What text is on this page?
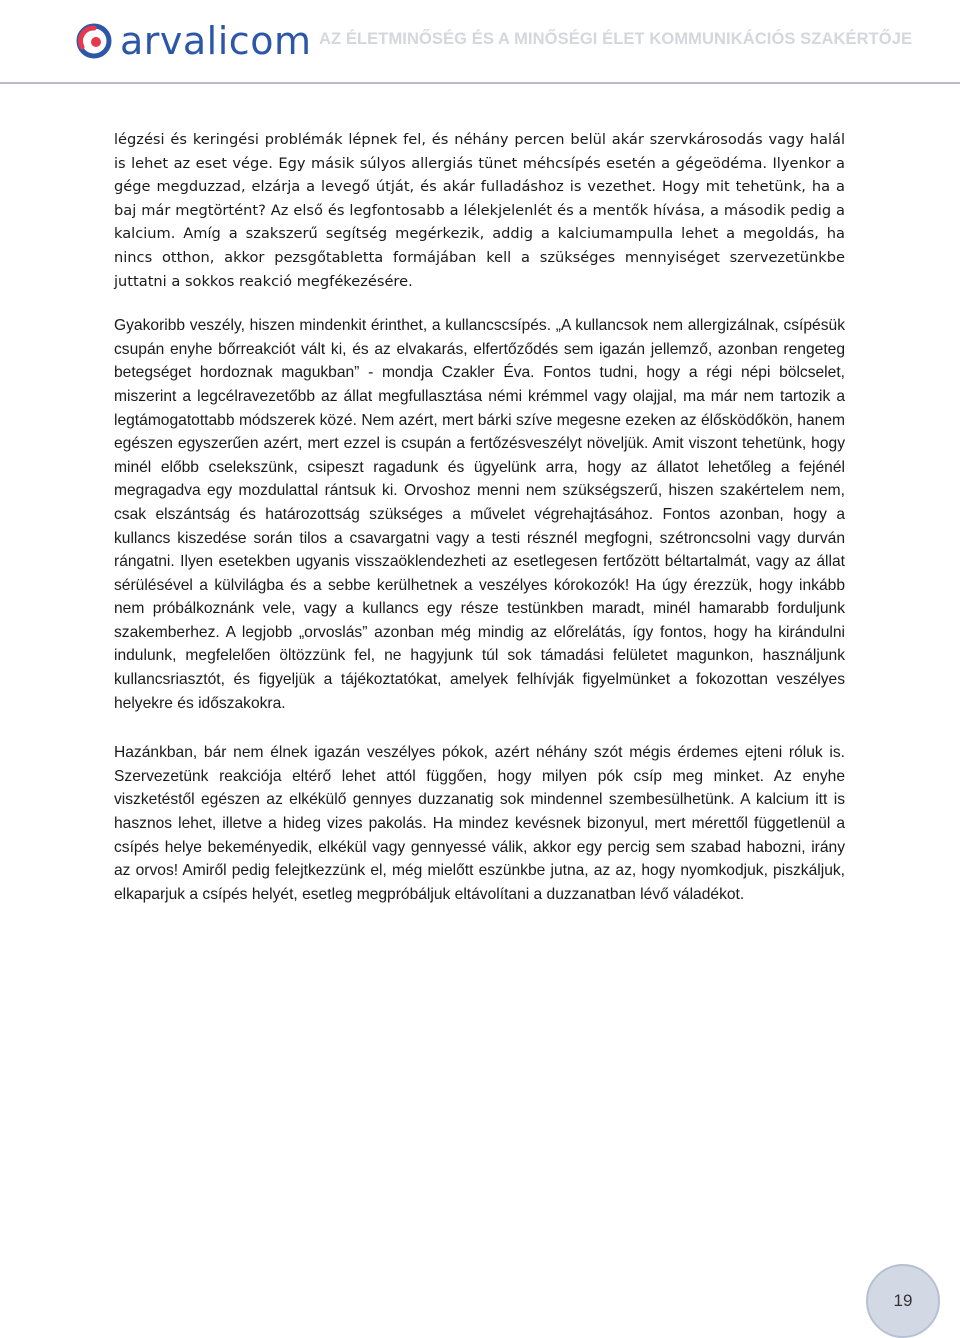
arvalicom AZ ÉLETMINŐSÉG ÉS A MINŐSÉGI ÉLET KOMMUNIKÁCIÓS SZAKÉRTŐJE

légzési és keringési problémák lépnek fel, és néhány percen belül akár szervkárosodás vagy halál is lehet az eset vége. Egy másik súlyos allergiás tünet méhcsípés esetén a gégeödéma. Ilyenkor a gége megduzzad, elzárja a levegő útját, és akár fulladáshoz is vezethet. Hogy mit tehetünk, ha a baj már megtörtént? Az első és legfontosabb a lélekjelenlét és a mentők hívása, a második pedig a kalcium. Amíg a szakszerű segítség megérkezik, addig a kalciumampulla lehet a megoldás, ha nincs otthon, akkor pezsgőtabletta formájában kell a szükséges mennyiséget szervezetünkbe juttatni a sokkos reakció megfékezésére.

Gyakoribb veszély, hiszen mindenkit érinthet, a kullancscsípés. „A kullancsok nem allergizálnak, csípésük csupán enyhe bőrreakciót vált ki, és az elvakarás, elfertőződés sem igazán jellemző, azonban rengeteg betegséget hordoznak magukban” - mondja Czakler Éva. Fontos tudni, hogy a régi népi bölcselet, miszerint a legcélravezetőbb az állat megfullasztása némi krémmel vagy olajjal, ma már nem tartozik a legtámogatottabb módszerek közé. Nem azért, mert bárki szíve megesne ezeken az élősködőkön, hanem egészen egyszerűen azért, mert ezzel is csupán a fertőzésveszélyt növeljük. Amit viszont tehetünk, hogy minél előbb cselekszünk, csipeszt ragadunk és ügyelünk arra, hogy az állatot lehetőleg a fejénél megragadva egy mozdulattal rántsuk ki. Orvoshoz menni nem szükségszerű, hiszen szakértelem nem, csak elszántság és határozottság szükséges a művelet végrehajtásához. Fontos azonban, hogy a kullancs kiszedése során tilos a csavargatni vagy a testi résznél megfogni, szétroncsolni vagy durván rángatni. Ilyen esetekben ugyanis visszaöklendezheti az esetlegesen fertőzött béltartalmát, vagy az állat sérülésével a külvilágba és a sebbe kerülhetnek a veszélyes kórokozók! Ha úgy érezzük, hogy inkább nem próbálkoznánk vele, vagy a kullancs egy része testünkben maradt, minél hamarabb forduljunk szakemberhez. A legjobb „orvoslás” azonban még mindig az előrelátás, így fontos, hogy ha kirándulni indulunk, megfelelően öltözzünk fel, ne hagyjunk túl sok támadási felületet magunkon, használjunk kullancsriasztót, és figyeljük a tájékoztatókat, amelyek felhívják figyelmünket a fokozottan veszélyes helyekre és időszakokra.

Hazánkban, bár nem élnek igazán veszélyes pókok, azért néhány szót mégis érdemes ejteni róluk is. Szervezetünk reakciója eltérő lehet attól függően, hogy milyen pók csíp meg minket. Az enyhe viszketéstől egészen az elkékülő gennyes duzzanatig sok mindennel szembesülhetünk. A kalcium itt is hasznos lehet, illetve a hideg vizes pakolás. Ha mindez kevésnek bizonyul, mert mérettől függetlenül a csípés helye bekeményedik, elkékül vagy gennyessé válik, akkor egy percig sem szabad habozni, irány az orvos! Amiről pedig felejtkezzünk el, még mielőtt eszünkbe jutna, az az, hogy nyomkodjuk, piszkáljuk, elkaparjuk a csípés helyét, esetleg megpróbáljuk eltávolítani a duzzanatban lévő váladékot.

19
